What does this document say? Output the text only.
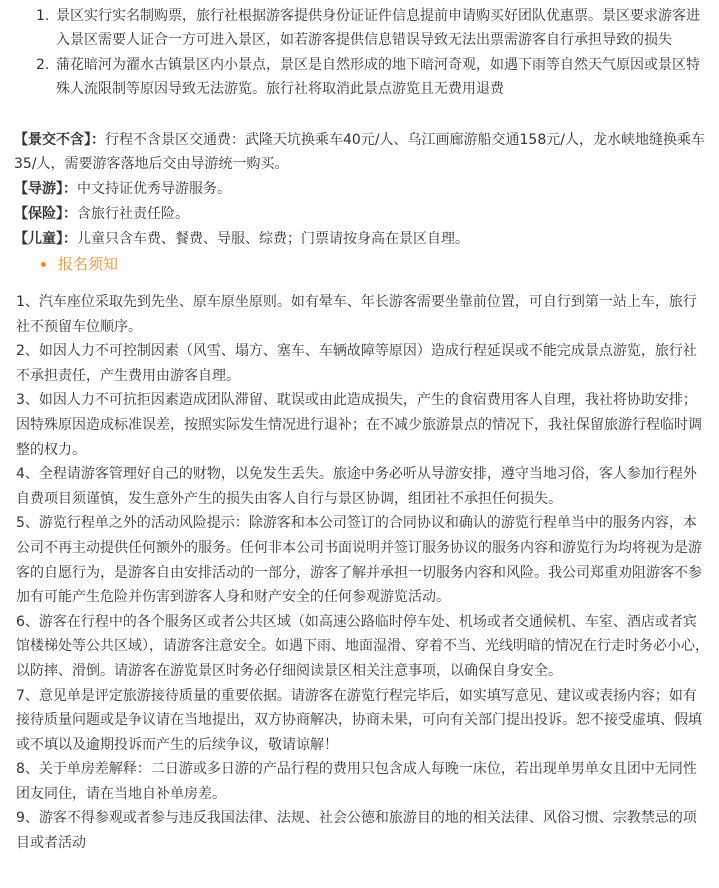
1. 景区实行实名制购票，旅行社根据游客提供身份证证件信息提前申请购买好团队优惠票。景区要求游客进入景区需要人证合一方可进入景区，如若游客提供信息错误导致无法出票需游客自行承担导致的损失
2. 蒲花暗河为濯水古镇景区内小景点，景区是自然形成的地下暗河奇观，如遇下雨等自然天气原因或景区特殊人流限制等原因导致无法游览。旅行社将取消此景点游览且无费用退费

【景交不含】：行程不含景区交通费：武隆天坑换乘车40元/人、乌江画廊游船交通158元/人，龙水峡地缝换乘车35/人，需要游客落地后交由导游统一购买。

【导游】：中文持证优秀导游服务。

【保险】：含旅行社责任险。

【儿童】：儿童只含车费、餐费、导服、综费；门票请按身高在景区自理。

报名须知

1、汽车座位采取先到先坐、原车原坐原则。如有晕车、年长游客需要坐靠前位置，可自行到第一站上车，旅行社不预留车位顺序。

2、如因人力不可控制因素（风雪、塌方、塞车、车辆故障等原因）造成行程延误或不能完成景点游览，旅行社不承担责任，产生费用由游客自理。

3、如因人力不可抗拒因素造成团队滞留、耽误或由此造成损失，产生的食宿费用客人自理，我社将协助安排；因特殊原因造成标准误差，按照实际发生情况进行退补；在不减少旅游景点的情况下，我社保留旅游行程临时调整的权力。

4、全程请游客管理好自己的财物，以免发生丢失。旅途中务必听从导游安排，遵守当地习俗，客人参加行程外自费项目须谨慎，发生意外产生的损失由客人自行与景区协调，组团社不承担任何损失。

5、游览行程单之外的活动风险提示：除游客和本公司签订的合同协议和确认的游览行程单当中的服务内容，本公司不再主动提供任何额外的服务。任何非本公司书面说明并签订服务协议的服务内容和游览行为均将视为是游客的自愿行为，是游客自由安排活动的一部分，游客了解并承担一切服务内容和风险。我公司郑重劝阻游客不参加有可能产生危险并伤害到游客人身和财产安全的任何参观游览活动。

6、游客在行程中的各个服务区或者公共区域（如高速公路临时停车处、机场或者交通候机、车室、酒店或者宾馆楼梯处等公共区域），请游客注意安全。如遇下雨、地面湿滑、穿着不当、光线明暗的情况在行走时务必小心，以防摔、滑倒。请游客在游览景区时务必仔细阅读景区相关注意事项，以确保自身安全。

7、意见单是评定旅游接待质量的重要依据。请游客在游览行程完毕后，如实填写意见、建议或表扬内容；如有接待质量问题或是争议请在当地提出，双方协商解决，协商未果，可向有关部门提出投诉。恕不接受虚填、假填或不填以及逾期投诉而产生的后续争议，敬请谅解！

8、关于单房差解释：二日游或多日游的产品行程的费用只包含成人每晚一床位，若出现单男单女且团中无同性团友同住，请在当地自补单房差。

9、游客不得参观或者参与违反我国法律、法规、社会公德和旅游目的地的相关法律、风俗习惯、宗教禁忌的项目或者活动
